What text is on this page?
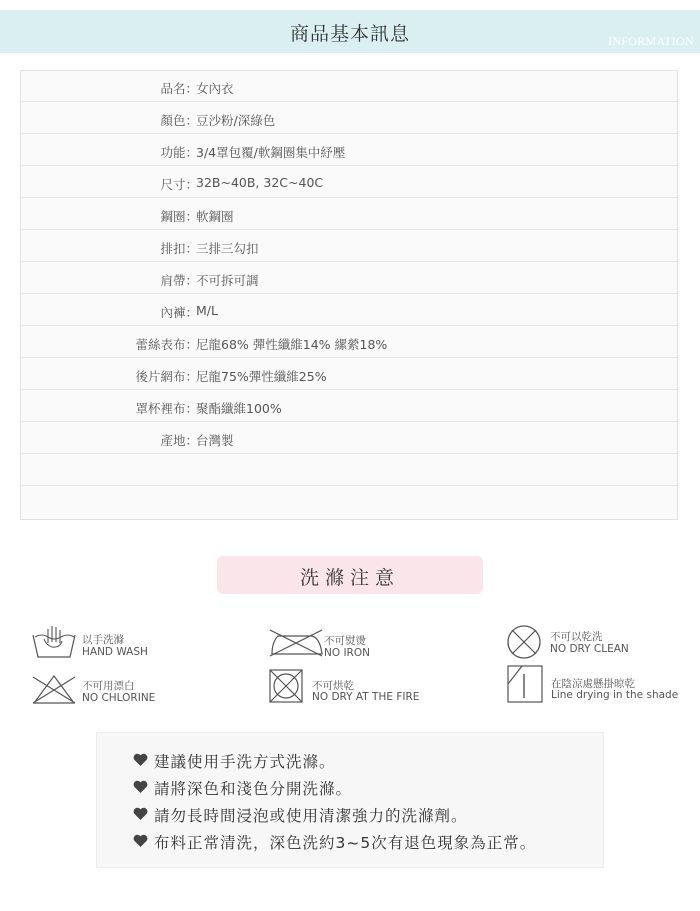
商品基本訊息	INFORMATION
品名：
女內衣
顏色：
豆沙粉/深綠色
功能：
3/4罩包覆/軟鋼圈集中紓壓
尺寸：
32B~40B, 32C~40C
鋼圈：
軟鋼圈
排扣：
三排三勾扣
肩帶：
不可拆可調
內褲：
M/L
蕾絲表布：
尼龍68% 彈性纖維14% 縲縈18%
後片網布：
尼龍75%彈性纖維25%
罩杯裡布：
聚酯纖維100%
產地：
台灣製
洗滌注意
以手洗滌
HAND WASH
不可熨燙
NO IRON
不可以乾洗
NO DRY CLEAN
不可用漂白
NO CHLORINE
不可烘乾
NO DRY AT THE FIRE
在陰涼處懸掛晾乾
Line drying in the shade
建議使用手洗方式洗滌。
請將深色和淺色分開洗滌。
請勿長時間浸泡或使用清潔強力的洗滌劑。
布料正常清洗，深色洗約3~5次有退色現象為正常。
